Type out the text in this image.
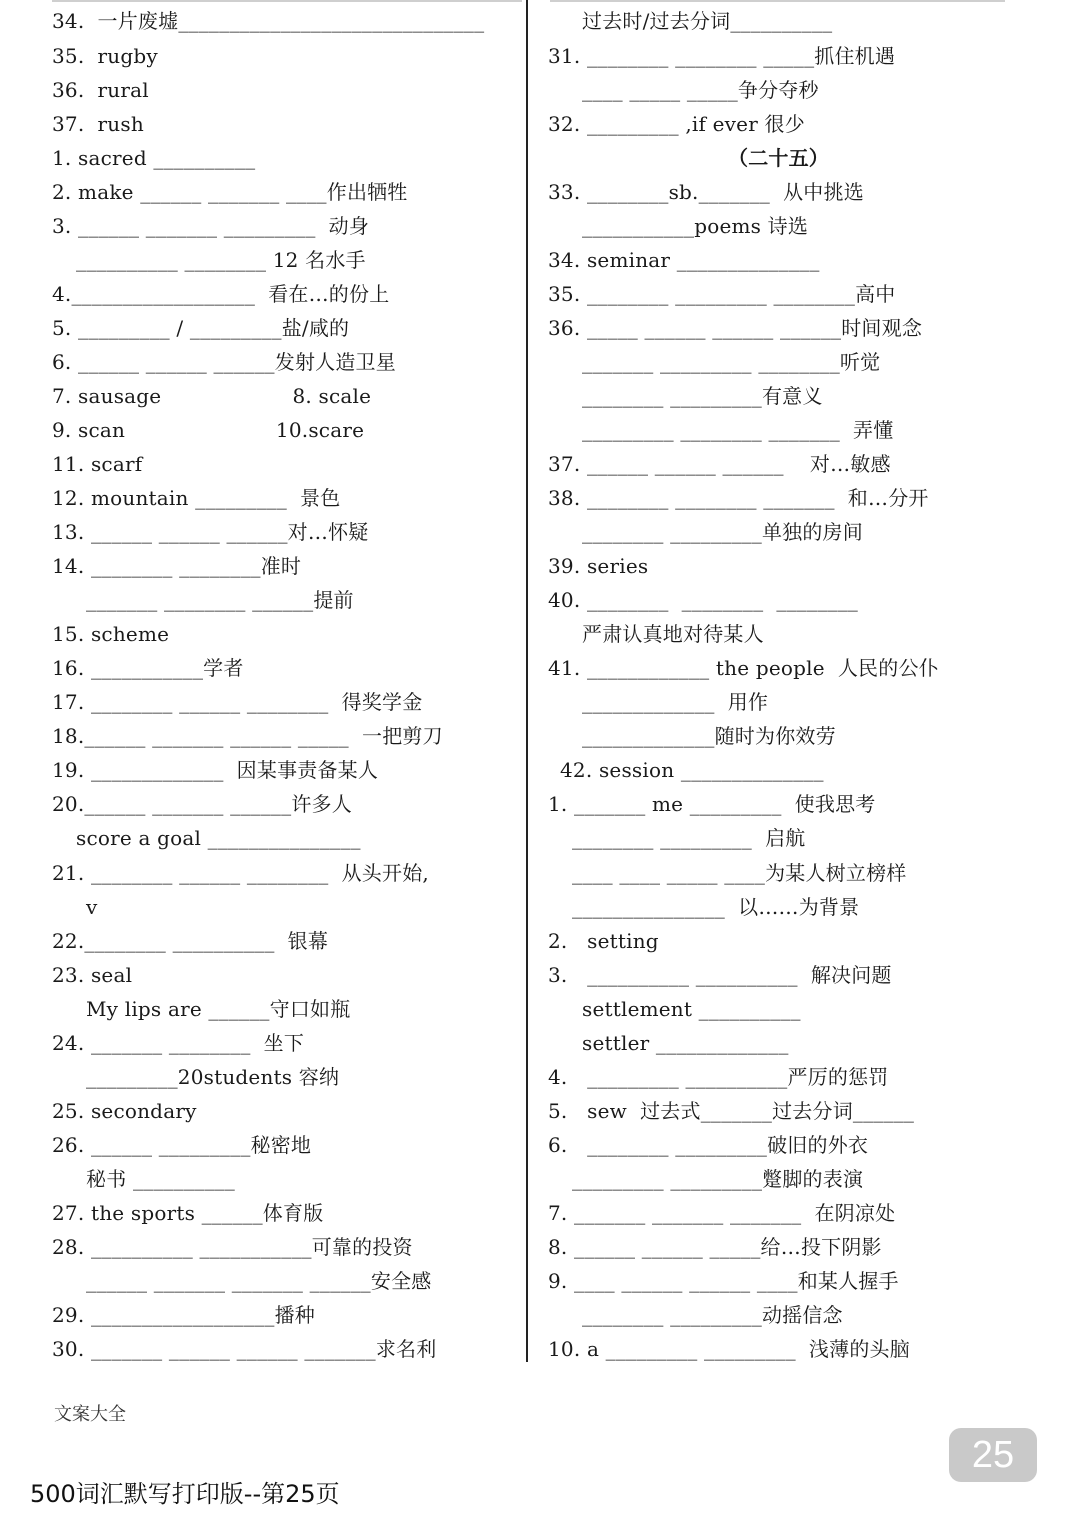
34.  一片废墟______________________________
35.  rugby
36.  rural
37.  rush
1. sacred __________
2. make ______ _______ ____作出牺牲
3. ______ _______ _________  动身
__________ ________ 12 名水手
4.__________________  看在…的份上
5. _________ / _________盐/咸的
6. ______ ______ ______发射人造卫星
7. sausage                    8. scale
9. scan                       10.scare
11. scarf
12. mountain _________  景色
13. ______ ______ ______对…怀疑
14. ________ ________准时
_______ ________ ______提前
15. scheme
16. ___________学者
17. ________ ______ ________  得奖学金
18.______ _______ ______ _____  一把剪刀
19. _____________  因某事责备某人
20.______ _______ ______许多人
score a goal _______________
21. ________ ______ ________  从头开始,
v
22.________ __________  银幕
23. seal
My lips are ______守口如瓶
24. _______ ________  坐下
_________20students 容纳
25. secondary
26. ______ _________秘密地
秘书 __________
27. the sports ______体育版
28. __________ ___________可靠的投资
______ _______ _______ ______安全感
29. __________________播种
30. _______ ______ ______ _______求名利
过去时/过去分词__________
31. ________ ________ _____抓住机遇
____ _____ _____争分夺秒
32. _________ ,if ever 很少
（二十五）
33. ________sb._______  从中挑选
___________poems 诗选
34. seminar ______________
35. ________ _________ ________高中
36. _____ ______ ______ ______时间观念
_______ _________ ________听觉
________ _________有意义
_________ ________ _______  弄懂
37. ______ ______ ______    对…敏感
38. ________ ________ _______  和…分开
________ _________单独的房间
39. series
40. ________  ________  ________
严肃认真地对待某人
41. ____________ the people  人民的公仆
_____________  用作
_____________随时为你效劳
42. session ______________
1. _______ me _________  使我思考
________ _________  启航
____ ____ _____ ____为某人树立榜样
_______________  以……为背景
2.   setting
3.   __________ __________  解决问题
settlement __________
settler _____________
4.   _________ __________严厉的惩罚
5.   sew  过去式_______过去分词______
6.   ________ _________破旧的外衣
_________ _________蹩脚的表演
7. _______ _______ _______  在阴凉处
8. ______ ______ _____给…投下阴影
9. ____ ______ ______ ____和某人握手
________ _________动摇信念
10. a _________ _________  浅薄的头脑
文案大全
25
500词汇默写打印版--第25页
